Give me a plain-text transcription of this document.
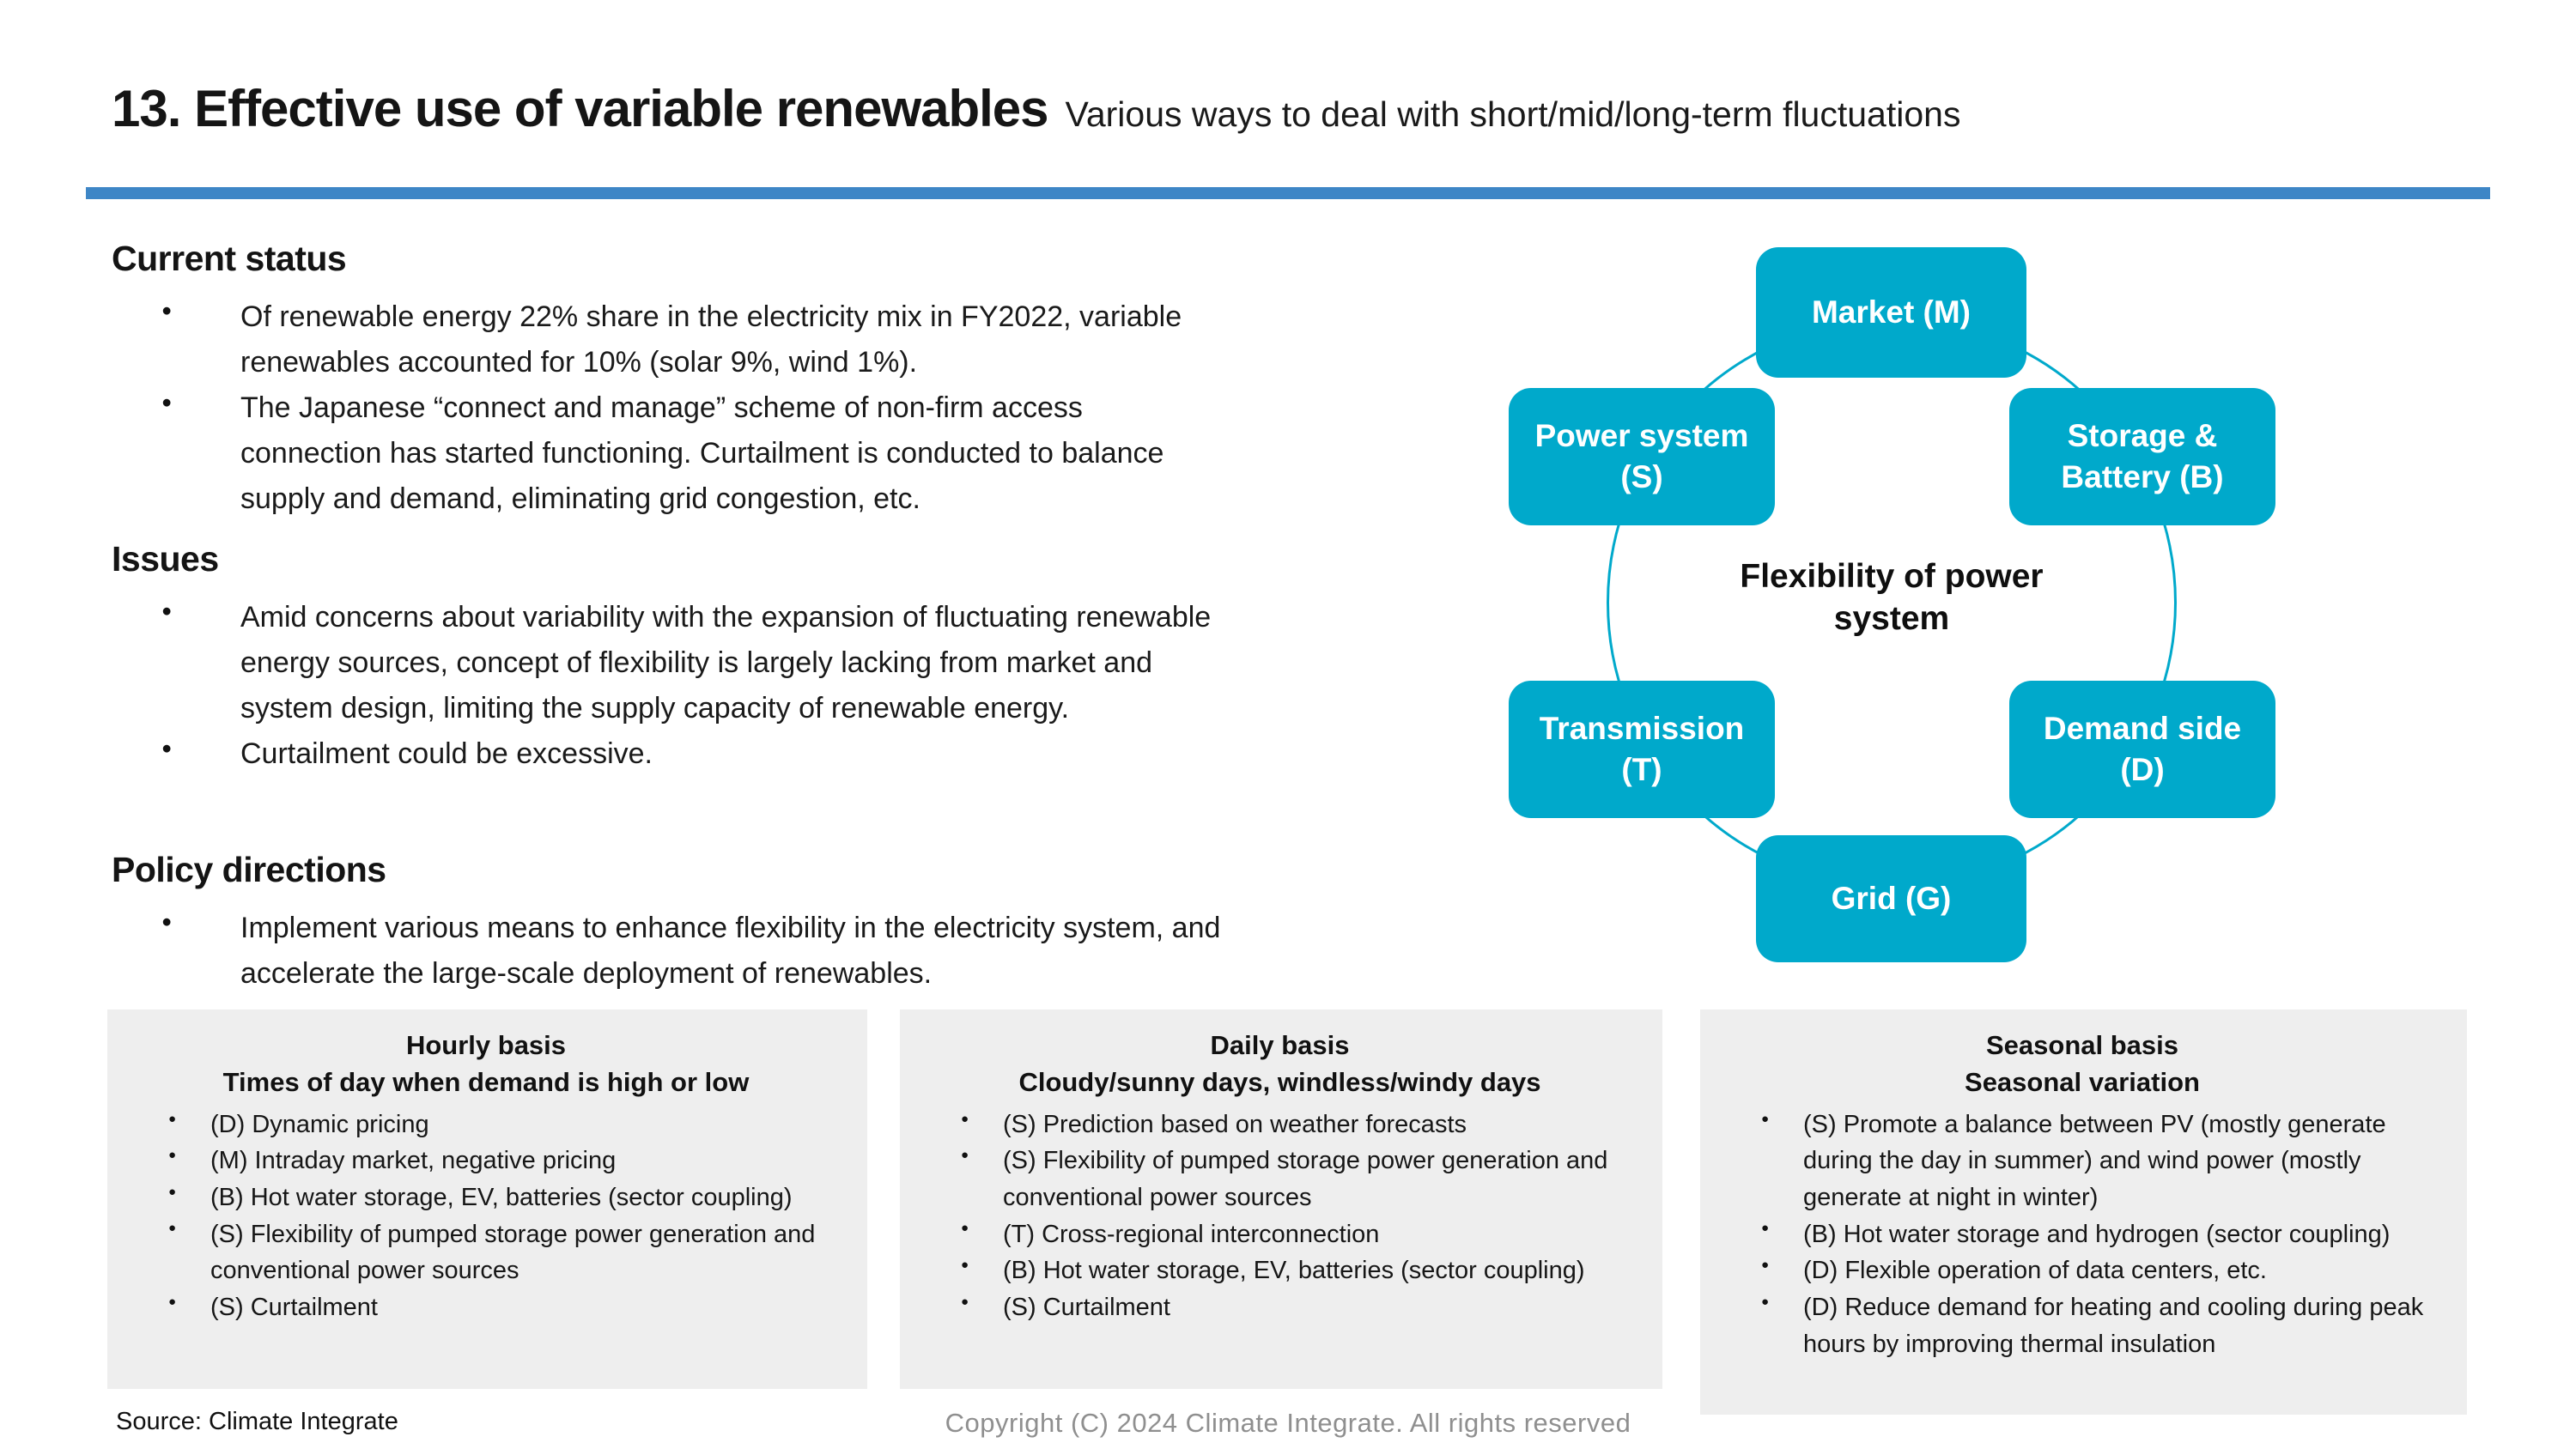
13. Effective use of variable renewables Various ways to deal with short/mid/long-term fluctuations
Current status
● Of renewable energy 22% share in the electricity mix in FY2022, variable renewables accounted for 10% (solar 9%, wind 1%).
● The Japanese “connect and manage” scheme of non-firm access connection has started functioning. Curtailment is conducted to balance supply and demand, eliminating grid congestion, etc.
Issues
● Amid concerns about variability with the expansion of fluctuating renewable energy sources, concept of flexibility is largely lacking from market and system design, limiting the supply capacity of renewable energy.
● Curtailment could be excessive.
Policy directions
● Implement various means to enhance flexibility in the electricity system, and accelerate the large-scale deployment of renewables.
Flexibility of power system
Market (M)
Power system (S)
Storage & Battery (B)
Transmission (T)
Demand side (D)
Grid (G)
Hourly basis
Times of day when demand is high or low
● (D) Dynamic pricing
● (M) Intraday market, negative pricing
● (B) Hot water storage, EV, batteries (sector coupling)
● (S) Flexibility of pumped storage power generation and conventional power sources
● (S) Curtailment
Daily basis
Cloudy/sunny days, windless/windy days
● (S) Prediction based on weather forecasts
● (S) Flexibility of pumped storage power generation and conventional power sources
● (T) Cross-regional interconnection
● (B) Hot water storage, EV, batteries (sector coupling)
● (S) Curtailment
Seasonal basis
Seasonal variation
● (S) Promote a balance between PV (mostly generate during the day in summer) and wind power (mostly generate at night in winter)
● (B) Hot water storage and hydrogen (sector coupling)
● (D) Flexible operation of data centers, etc.
● (D) Reduce demand for heating and cooling during peak hours by improving thermal insulation
Source: Climate Integrate	Copyright (C) 2024 Climate Integrate. All rights reserved
